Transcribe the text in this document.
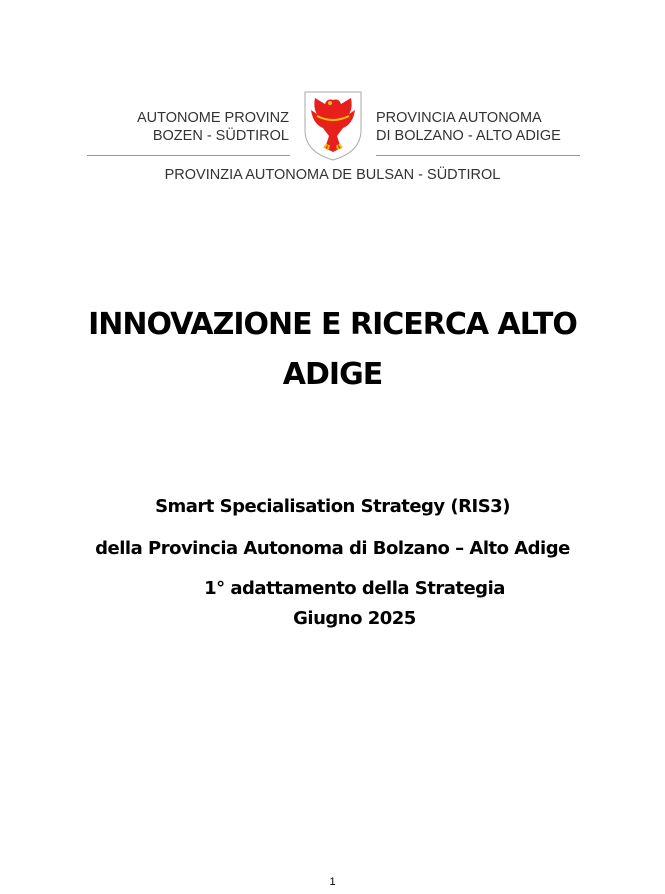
AUTONOME PROVINZ
BOZEN - SÜDTIROL
PROVINCIA AUTONOMA
DI BOLZANO - ALTO ADIGE
PROVINZIA AUTONOMA DE BULSAN - SÜDTIROL
INNOVAZIONE E RICERCA ALTO
ADIGE
Smart Specialisation Strategy (RIS3)
della Provincia Autonoma di Bolzano – Alto Adige
1° adattamento della Strategia
Giugno 2025
1
